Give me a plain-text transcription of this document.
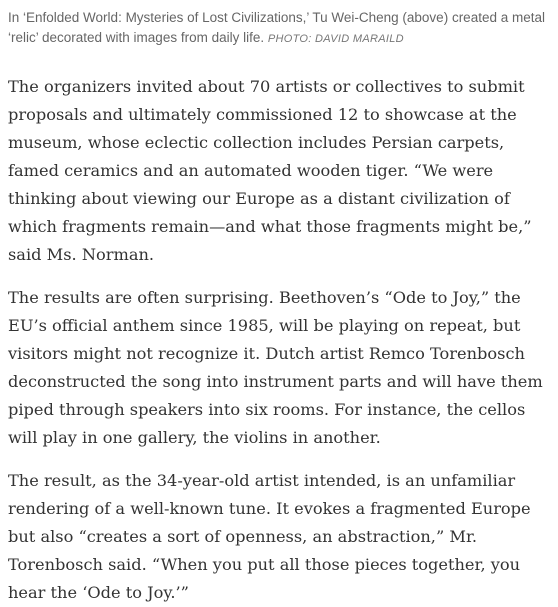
In ‘Enfolded World: Mysteries of Lost Civilizations,’ Tu Wei-Cheng (above) created a metal ‘relic’ decorated with images from daily life. PHOTO: DAVID MARAILD

The organizers invited about 70 artists or collectives to submit proposals and ultimately commissioned 12 to showcase at the museum, whose eclectic collection includes Persian carpets, famed ceramics and an automated wooden tiger. “We were thinking about viewing our Europe as a distant civilization of which fragments remain—and what those fragments might be,” said Ms. Norman.

The results are often surprising. Beethoven’s “Ode to Joy,” the EU’s official anthem since 1985, will be playing on repeat, but visitors might not recognize it. Dutch artist Remco Torenbosch deconstructed the song into instrument parts and will have them piped through speakers into six rooms. For instance, the cellos will play in one gallery, the violins in another.

The result, as the 34-year-old artist intended, is an unfamiliar rendering of a well-known tune. It evokes a fragmented Europe but also “creates a sort of openness, an abstraction,” Mr. Torenbosch said. “When you put all those pieces together, you hear the ‘Ode to Joy.’”
